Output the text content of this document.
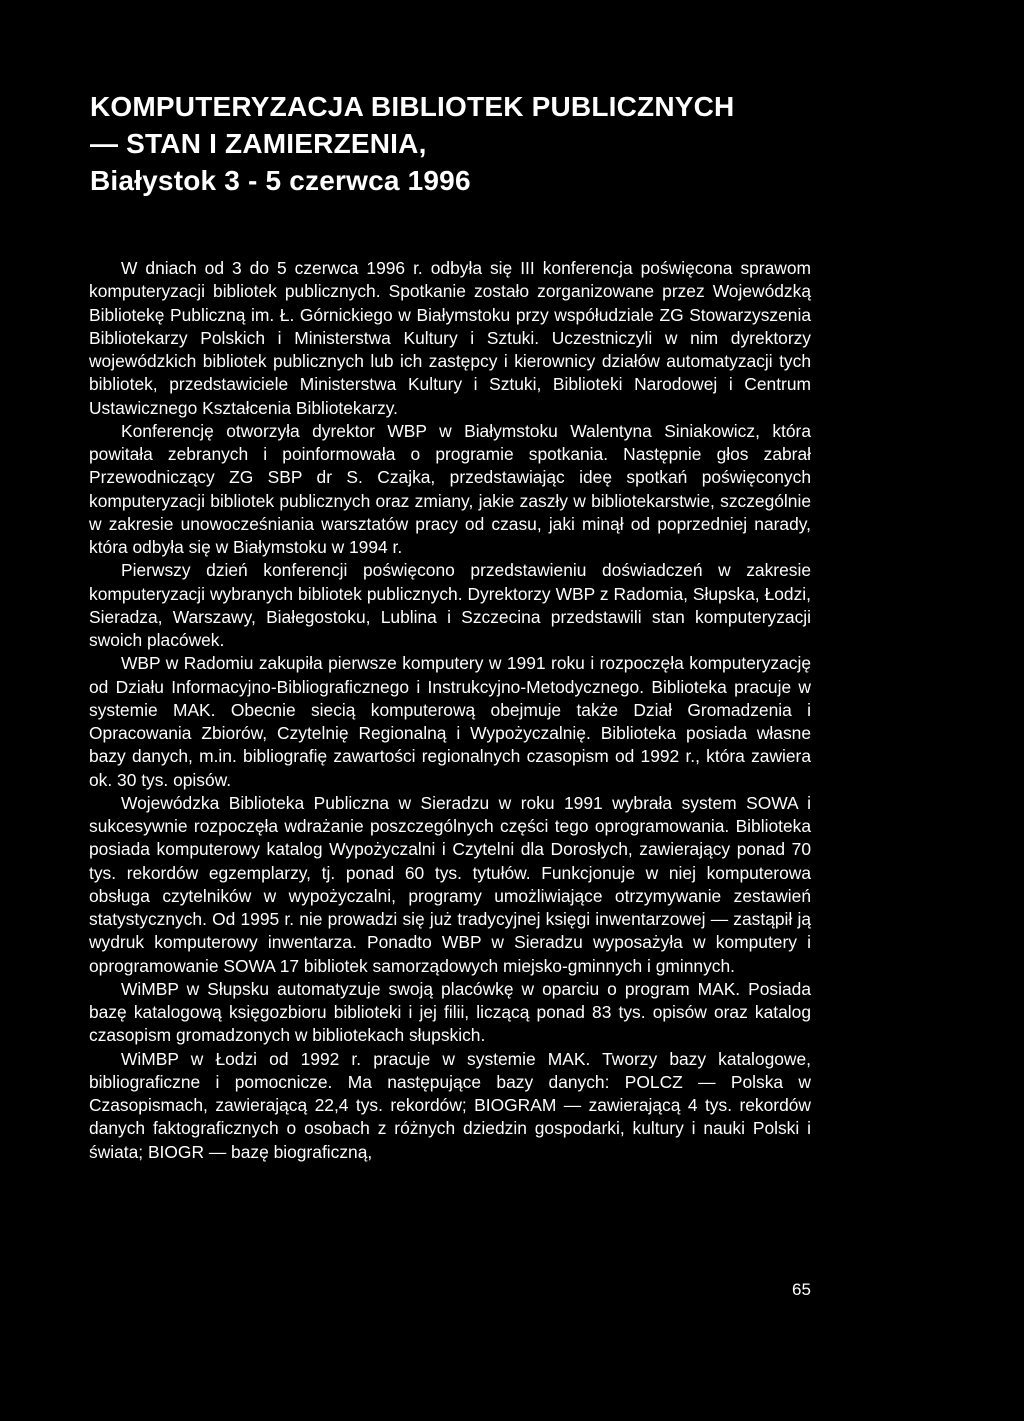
KOMPUTERYZACJA BIBLIOTEK PUBLICZNYCH
— STAN I ZAMIERZENIA,
Białystok 3 - 5 czerwca 1996

W dniach od 3 do 5 czerwca 1996 r. odbyła się III konferencja poświęcona sprawom komputeryzacji bibliotek publicznych. Spotkanie zostało zorganizowane przez Wojewódzką Bibliotekę Publiczną im. Ł. Górnickiego w Białymstoku przy współudziale ZG Stowarzyszenia Bibliotekarzy Polskich i Ministerstwa Kultury i Sztuki. Uczestniczyli w nim dyrektorzy wojewódzkich bibliotek publicznych lub ich zastępcy i kierownicy działów automatyzacji tych bibliotek, przedstawiciele Ministerstwa Kultury i Sztuki, Biblioteki Narodowej i Centrum Ustawicznego Kształcenia Bibliotekarzy.

Konferencję otworzyła dyrektor WBP w Białymstoku Walentyna Siniakowicz, która powitała zebranych i poinformowała o programie spotkania. Następnie głos zabrał Przewodniczący ZG SBP dr S. Czajka, przedstawiając ideę spotkań poświęconych komputeryzacji bibliotek publicznych oraz zmiany, jakie zaszły w bibliotekarstwie, szczególnie w zakresie unowocześniania warsztatów pracy od czasu, jaki minął od poprzedniej narady, która odbyła się w Białymstoku w 1994 r.

Pierwszy dzień konferencji poświęcono przedstawieniu doświadczeń w zakresie komputeryzacji wybranych bibliotek publicznych. Dyrektorzy WBP z Radomia, Słupska, Łodzi, Sieradza, Warszawy, Białegostoku, Lublina i Szczecina przedstawili stan komputeryzacji swoich placówek.

WBP w Radomiu zakupiła pierwsze komputery w 1991 roku i rozpoczęła komputeryzację od Działu Informacyjno-Bibliograficznego i Instrukcyjno-Metodycznego. Biblioteka pracuje w systemie MAK. Obecnie siecią komputerową obejmuje także Dział Gromadzenia i Opracowania Zbiorów, Czytelnię Regionalną i Wypożyczalnię. Biblioteka posiada własne bazy danych, m.in. bibliografię zawartości regionalnych czasopism od 1992 r., która zawiera ok. 30 tys. opisów.

Wojewódzka Biblioteka Publiczna w Sieradzu w roku 1991 wybrała system SOWA i sukcesywnie rozpoczęła wdrażanie poszczególnych części tego oprogramowania. Biblioteka posiada komputerowy katalog Wypożyczalni i Czytelni dla Dorosłych, zawierający ponad 70 tys. rekordów egzemplarzy, tj. ponad 60 tys. tytułów. Funkcjonuje w niej komputerowa obsługa czytelników w wypożyczalni, programy umożliwiające otrzymywanie zestawień statystycznych. Od 1995 r. nie prowadzi się już tradycyjnej księgi inwentarzowej — zastąpił ją wydruk komputerowy inwentarza. Ponadto WBP w Sieradzu wyposażyła w komputery i oprogramowanie SOWA 17 bibliotek samorządowych miejsko-gminnych i gminnych.

WiMBP w Słupsku automatyzuje swoją placówkę w oparciu o program MAK. Posiada bazę katalogową księgozbioru biblioteki i jej filii, liczącą ponad 83 tys. opisów oraz katalog czasopism gromadzonych w bibliotekach słupskich.

WiMBP w Łodzi od 1992 r. pracuje w systemie MAK. Tworzy bazy katalogowe, bibliograficzne i pomocnicze. Ma następujące bazy danych: POLCZ — Polska w Czasopismach, zawierającą 22,4 tys. rekordów; BIOGRAM — zawierającą 4 tys. rekordów danych faktograficznych o osobach z różnych dziedzin gospodarki, kultury i nauki Polski i świata; BIOGR — bazę biograficzną,

65
